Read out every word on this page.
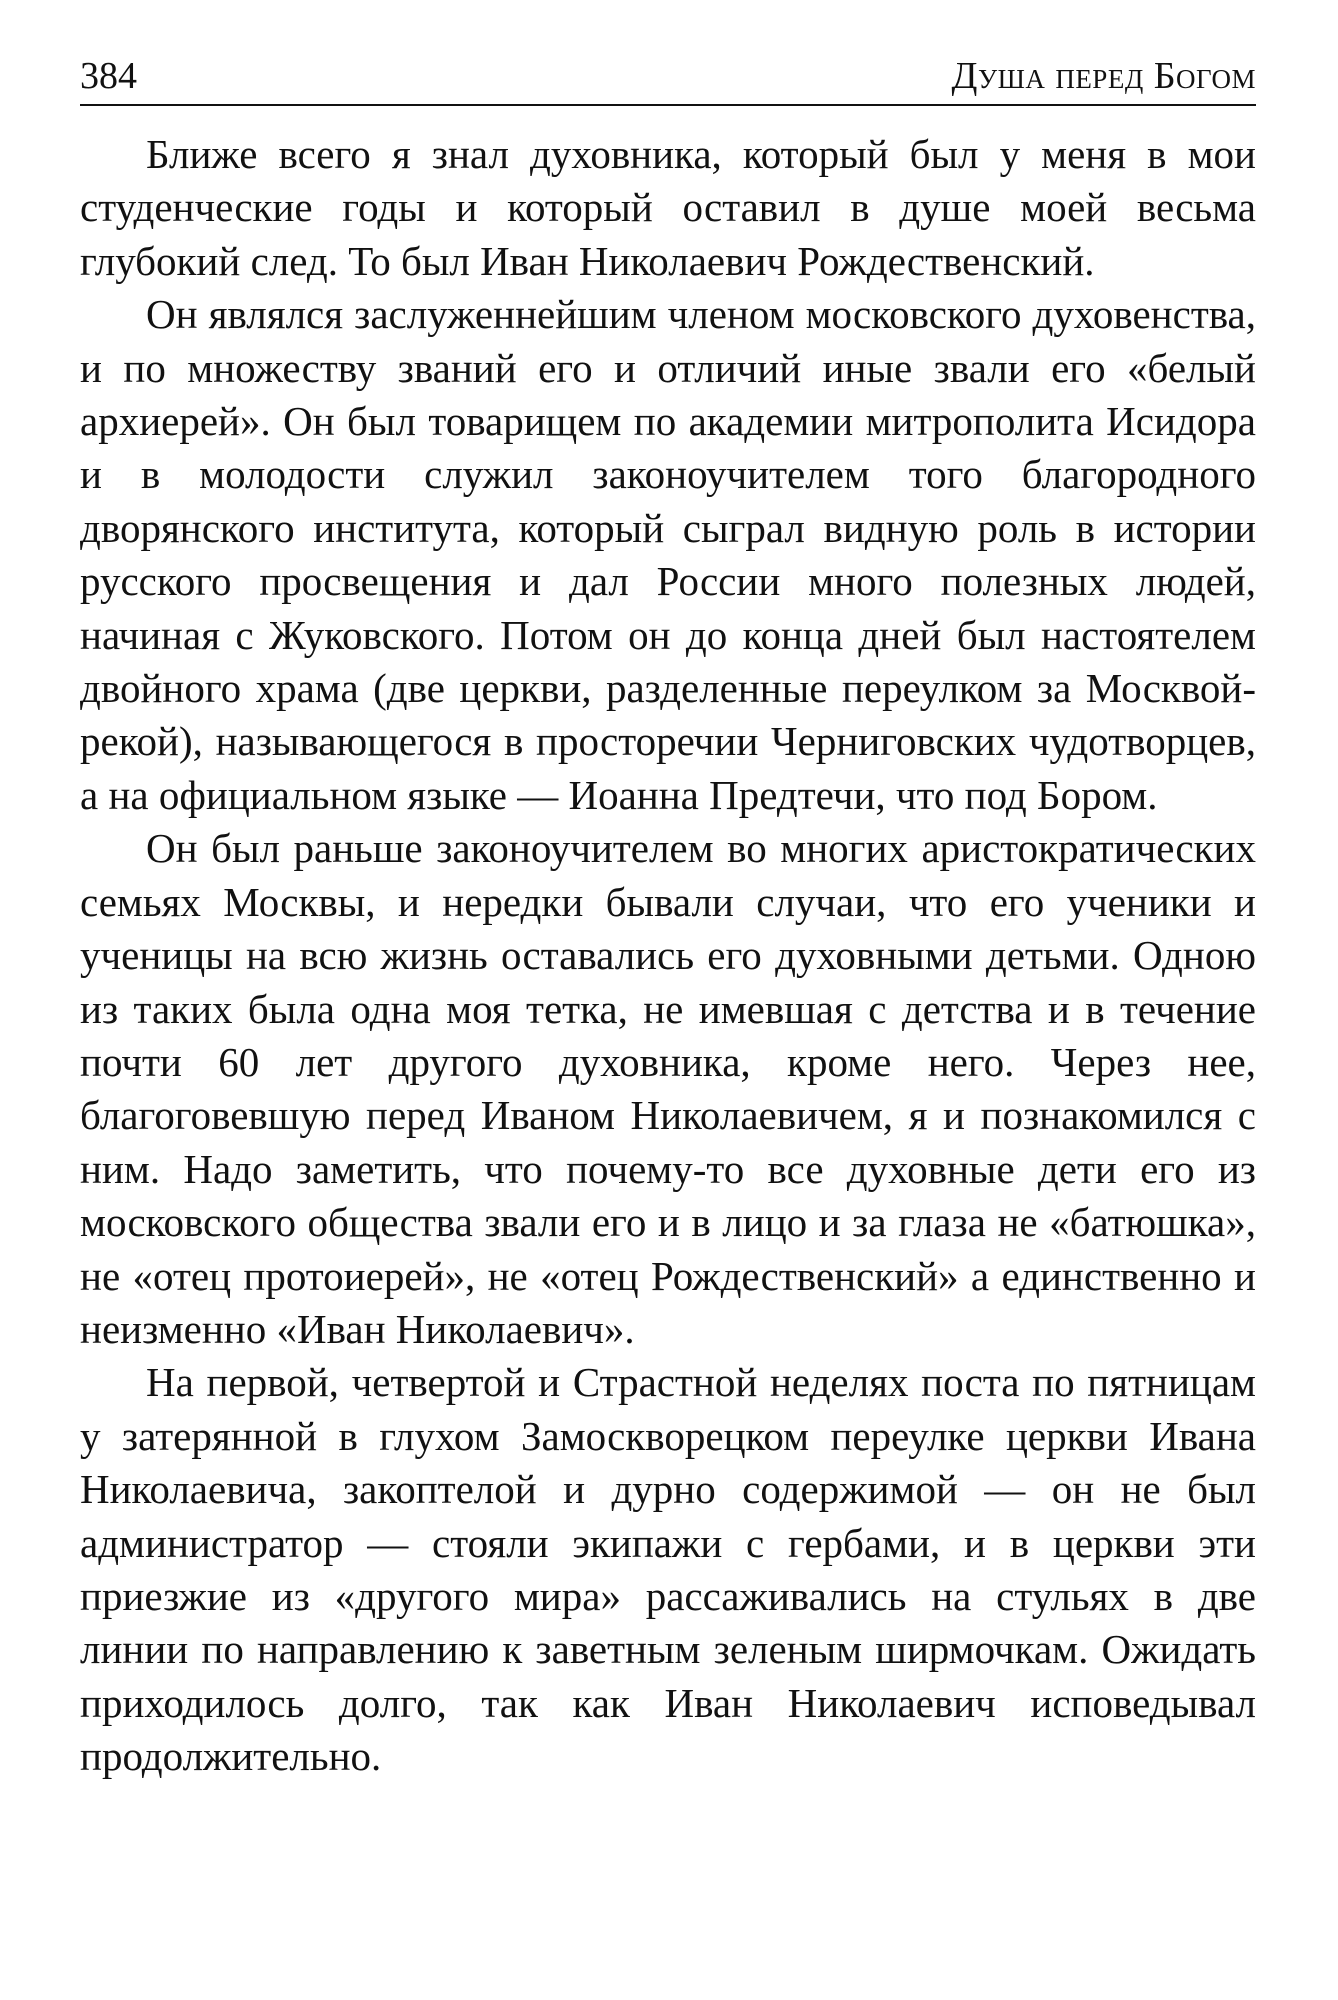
384	Душа перед Богом

Ближе всего я знал духовника, который был у меня в мои студенческие годы и который оставил в душе моей весьма глубокий след. То был Иван Николаевич Рождественский.

Он являлся заслуженнейшим членом московского духовенства, и по множеству званий его и отличий иные звали его «белый архиерей». Он был товарищем по академии митрополита Исидора и в молодости служил законоучителем того благородного дворянского института, который сыграл видную роль в истории русского просвещения и дал России много полезных людей, начиная с Жуковского. Потом он до конца дней был настоятелем двойного храма (две церкви, разделенные переулком за Москвой-рекой), называющегося в просторечии Черниговских чудотворцев, а на официальном языке — Иоанна Предтечи, что под Бором.

Он был раньше законоучителем во многих аристократических семьях Москвы, и нередки бывали случаи, что его ученики и ученицы на всю жизнь оставались его духовными детьми. Одною из таких была одна моя тетка, не имевшая с детства и в течение почти 60 лет другого духовника, кроме него. Через нее, благоговевшую перед Иваном Николаевичем, я и познакомился с ним. Надо заметить, что почему-то все духовные дети его из московского общества звали его и в лицо и за глаза не «батюшка», не «отец протоиерей», не «отец Рождественский» а единственно и неизменно «Иван Николаевич».

На первой, четвертой и Страстной неделях поста по пятницам у затерянной в глухом Замоскворецком переулке церкви Ивана Николаевича, закоптелой и дурно содержимой — он не был администратор — стояли экипажи с гербами, и в церкви эти приезжие из «другого мира» рассаживались на стульях в две линии по направлению к заветным зеленым ширмочкам. Ожидать приходилось долго, так как Иван Николаевич исповедывал продолжительно.
